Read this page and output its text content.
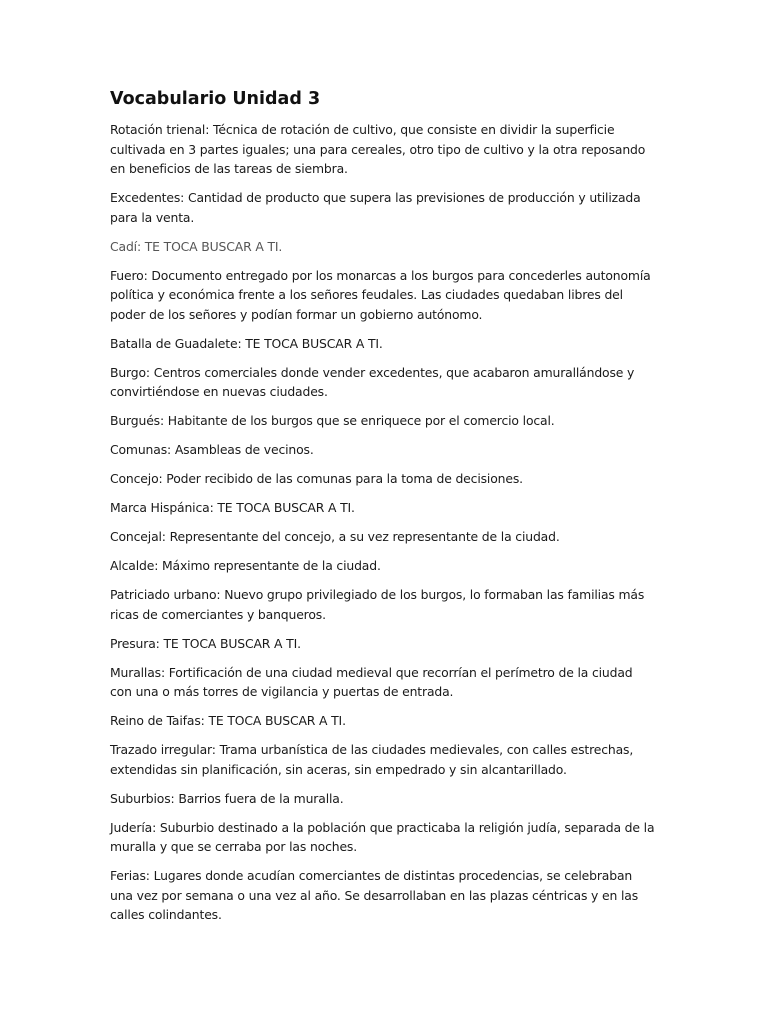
Vocabulario Unidad 3

Rotación trienal: Técnica de rotación de cultivo, que consiste en dividir la superficie cultivada en 3 partes iguales; una para cereales, otro tipo de cultivo y la otra reposando en beneficios de las tareas de siembra.

Excedentes: Cantidad de producto que supera las previsiones de producción y utilizada para la venta.

Cadí: TE TOCA BUSCAR A TI.

Fuero: Documento entregado por los monarcas a los burgos para concederles autonomía política y económica frente a los señores feudales. Las ciudades quedaban libres del poder de los señores y podían formar un gobierno autónomo.

Batalla de Guadalete: TE TOCA BUSCAR A TI.

Burgo: Centros comerciales donde vender excedentes, que acabaron amurallándose y convirtiéndose en nuevas ciudades.

Burgués: Habitante de los burgos que se enriquece por el comercio local.

Comunas: Asambleas de vecinos.

Concejo: Poder recibido de las comunas para la toma de decisiones.

Marca Hispánica: TE TOCA BUSCAR A TI.

Concejal: Representante del concejo, a su vez representante de la ciudad.

Alcalde: Máximo representante de la ciudad.

Patriciado urbano: Nuevo grupo privilegiado de los burgos, lo formaban las familias más ricas de comerciantes y banqueros.

Presura: TE TOCA BUSCAR A TI.

Murallas: Fortificación de una ciudad medieval que recorrían el perímetro de la ciudad con una o más torres de vigilancia y puertas de entrada.

Reino de Taifas: TE TOCA BUSCAR A TI.

Trazado irregular: Trama urbanística de las ciudades medievales, con calles estrechas, extendidas sin planificación, sin aceras, sin empedrado y sin alcantarillado.

Suburbios: Barrios fuera de la muralla.

Judería: Suburbio destinado a la población que practicaba la religión judía, separada de la muralla y que se cerraba por las noches.

Ferias: Lugares donde acudían comerciantes de distintas procedencias, se celebraban una vez por semana o una vez al año. Se desarrollaban en las plazas céntricas y en las calles colindantes.
